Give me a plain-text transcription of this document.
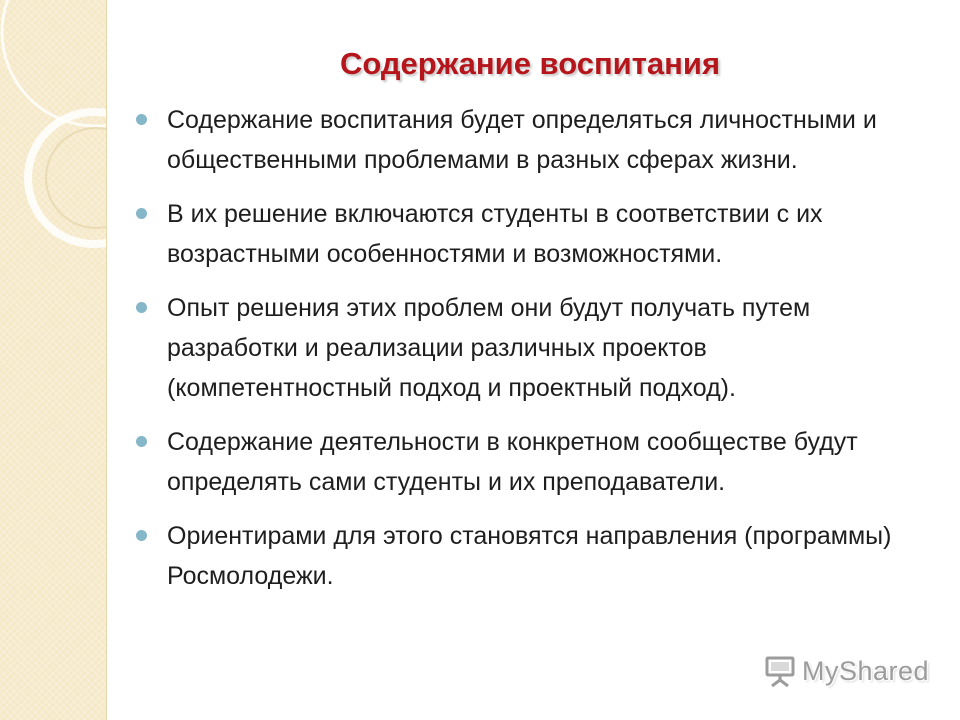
Содержание воспитания
Содержание воспитания будет определяться личностными и общественными проблемами в разных сферах жизни.
В их решение включаются студенты в соответствии с их возрастными особенностями и возможностями.
Опыт решения этих проблем они будут получать путем разработки и реализации различных проектов (компетентностный подход и проектный подход).
Содержание деятельности в конкретном сообществе будут определять сами студенты и их преподаватели.
Ориентирами для этого становятся направления (программы) Росмолодежи.
MyShared
